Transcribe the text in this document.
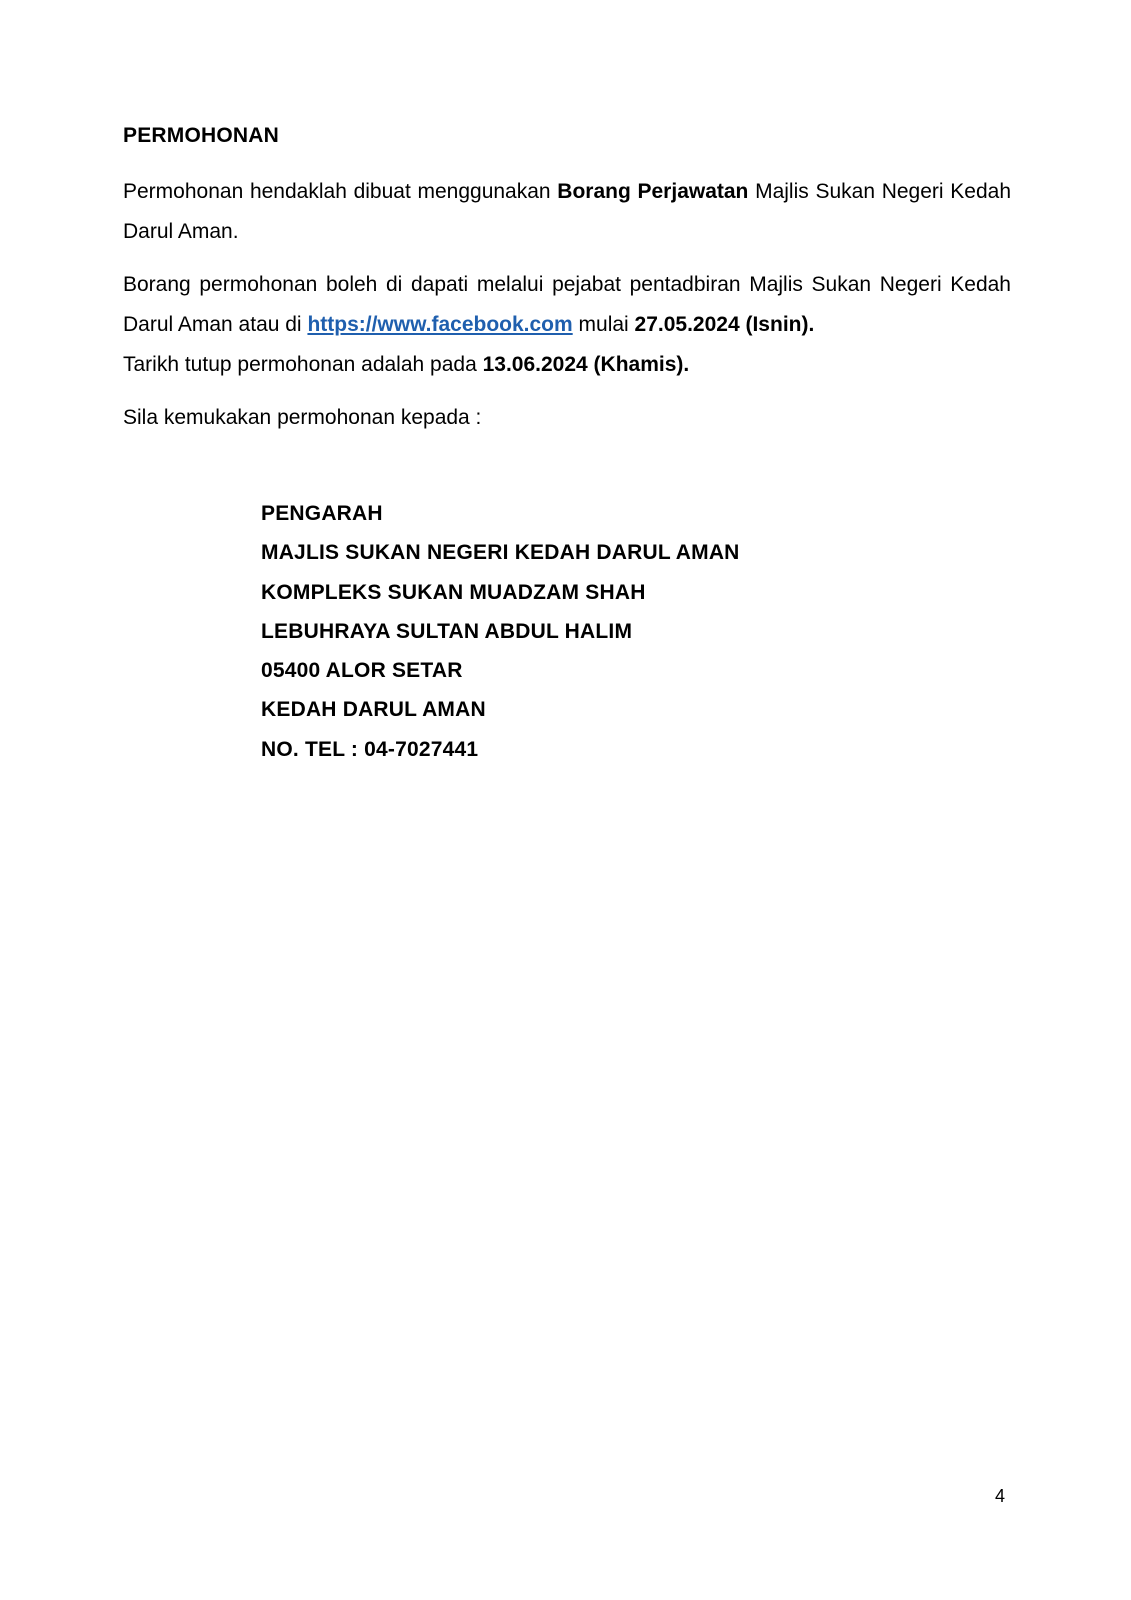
PERMOHONAN
Permohonan hendaklah dibuat menggunakan Borang Perjawatan Majlis Sukan Negeri Kedah Darul Aman.
Borang permohonan boleh di dapati melalui pejabat pentadbiran Majlis Sukan Negeri Kedah Darul Aman atau di https://www.facebook.com mulai 27.05.2024 (Isnin).
Tarikh tutup permohonan adalah pada 13.06.2024 (Khamis).
Sila kemukakan permohonan kepada :
PENGARAH
MAJLIS SUKAN NEGERI KEDAH DARUL AMAN
KOMPLEKS SUKAN MUADZAM SHAH
LEBUHRAYA SULTAN ABDUL HALIM
05400 ALOR SETAR
KEDAH DARUL AMAN
NO. TEL : 04-7027441
4
